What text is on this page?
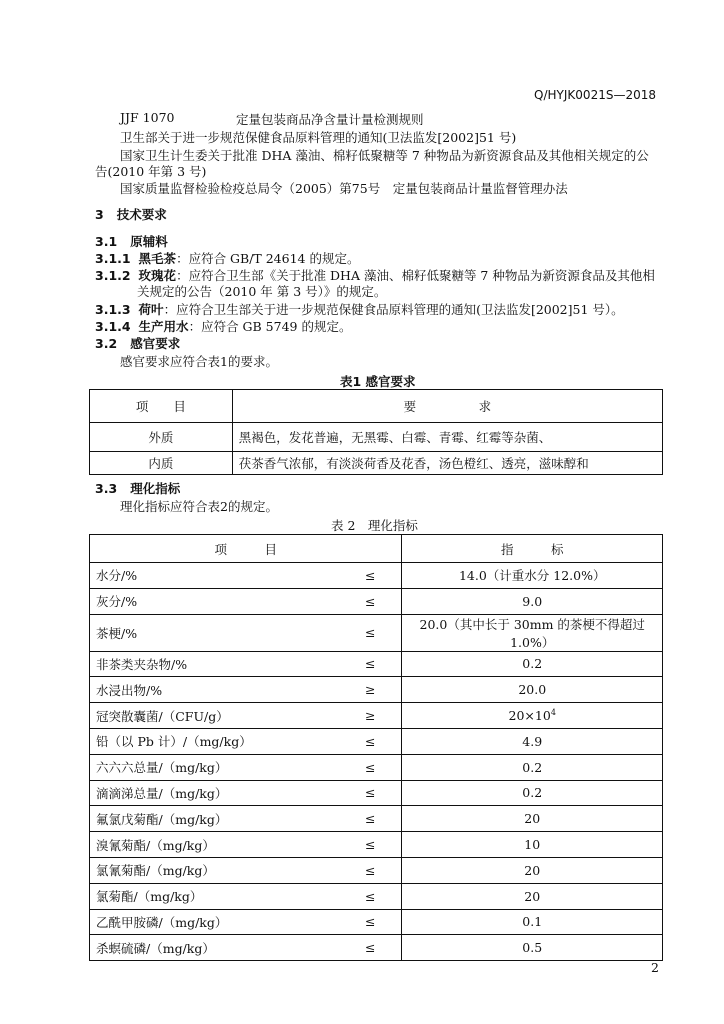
Q/HYJK0021S—2018
JJF 1070	定量包装商品净含量计量检测规则
卫生部关于进一步规范保健食品原料管理的通知(卫法监发[2002]51 号)
国家卫生计生委关于批准 DHA 藻油、棉籽低聚糖等 7 种物品为新资源食品及其他相关规定的公
告(2010 年第 3 号)
国家质量监督检验检疫总局令（2005）第75号　定量包装商品计量监督管理办法
3 技术要求
3.1 原辅料
3.1.1 黑毛茶：应符合 GB/T 24614 的规定。
3.1.2 玫瑰花：应符合卫生部《关于批准 DHA 藻油、棉籽低聚糖等 7 种物品为新资源食品及其他相
关规定的公告（2010 年 第 3 号）》的规定。
3.1.3 荷叶：应符合卫生部关于进一步规范保健食品原料管理的通知(卫法监发[2002]51 号）。
3.1.4 生产用水：应符合 GB 5749 的规定。
3.2 感官要求
感官要求应符合表1的要求。
表1 感官要求
项　　目	要　　　　　求
外质	黑褐色，发花普遍，无黑霉、白霉、青霉、红霉等杂菌、
内质	茯茶香气浓郁，有淡淡荷香及花香，汤色橙红、透亮，滋味醇和
3.3 理化指标
理化指标应符合表2的规定。
表 2　理化指标
项　　　目		指　　　标
水分/%	≤	14.0（计重水分 12.0%）
灰分/%	≤	9.0
茶梗/%	≤	20.0（其中长于 30mm 的茶梗不得超过 1.0%）
非茶类夹杂物/%	≤	0.2
水浸出物/%	≥	20.0
冠突散囊菌/（CFU/g）	≥	$20\times 10^4$
铅（以 Pb 计）/（mg/kg）	≤	4.9
六六六总量/（mg/kg）	≤	0.2
滴滴涕总量/（mg/kg）	≤	0.2
氟氯戊菊酯/（mg/kg）	≤	20
溴氰菊酯/（mg/kg）	≤	10
氯氰菊酯/（mg/kg）	≤	20
氯菊酯/（mg/kg）	≤	20
乙酰甲胺磷/（mg/kg）	≤	0.1
杀螟硫磷/（mg/kg）	≤	0.5
2
